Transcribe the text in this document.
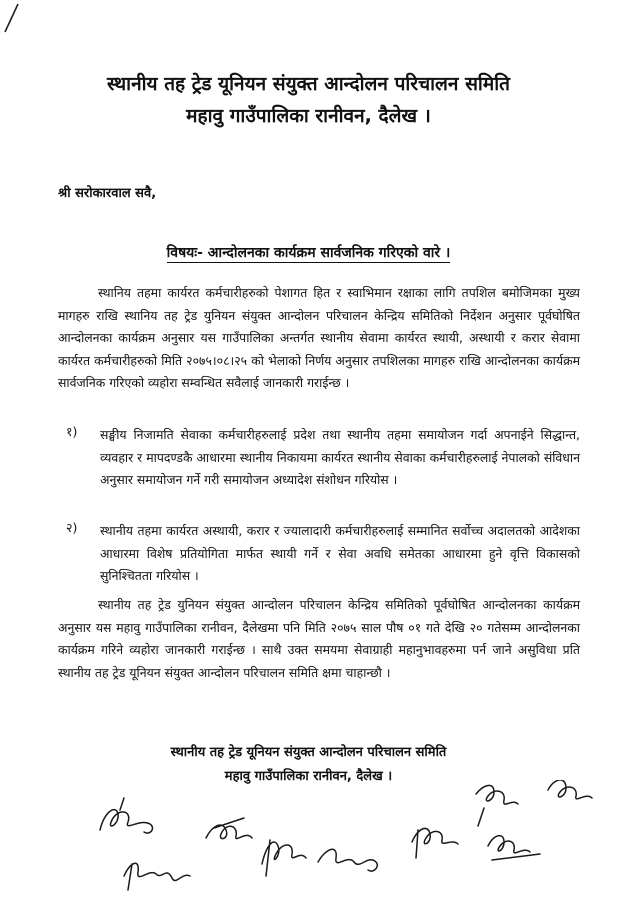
स्थानीय तह ट्रेड यूनियन संयुक्त आन्दोलन परिचालन समिति
महावु गाउँपालिका रानीवन, दैलेख ।
श्री सरोकारवाल सवै,
विषयः- आन्दोलनका कार्यक्रम सार्वजनिक गरिएको वारे ।
स्थानिय तहमा कार्यरत कर्मचारीहरुको पेशागत हित र स्वाभिमान रक्षाका लागि तपशिल बमोजिमका मुख्य मागहरु राखि स्थानिय तह ट्रेड युनियन संयुक्त आन्दोलन परिचालन केन्द्रिय समितिको निर्देशन अनुसार पूर्वघोषित आन्दोलनका कार्यक्रम अनुसार यस गाउँपालिका अन्तर्गत स्थानीय सेवामा कार्यरत स्थायी, अस्थायी र करार सेवामा कार्यरत कर्मचारीहरुको मिति २०७५।०८।२५ को भेलाको निर्णय अनुसार तपशिलका मागहरु राखि आन्दोलनका कार्यक्रम सार्वजनिक गरिएको व्यहोरा सम्वन्धित सवैलाई जानकारी गराईन्छ ।
१) सङ्घीय निजामति सेवाका कर्मचारीहरुलाई प्रदेश तथा स्थानीय तहमा समायोजन गर्दा अपनाईने सिद्धान्त, व्यवहार र मापदण्डकै आधारमा स्थानीय निकायमा कार्यरत स्थानीय सेवाका कर्मचारीहरुलाई नेपालको संविधान अनुसार समायोजन गर्ने गरी समायोजन अध्यादेश संशोधन गरियोस ।
२) स्थानीय तहमा कार्यरत अस्थायी, करार र ज्यालादारी कर्मचारीहरुलाई सम्मानित सर्वोच्च अदालतको आदेशका आधारमा विशेष प्रतियोगिता मार्फत स्थायी गर्ने र सेवा अवधि समेतका आधारमा हुने वृत्ति विकासको सुनिश्चितता गरियोस ।
स्थानीय तह ट्रेड युनियन संयुक्त आन्दोलन परिचालन केन्द्रिय समितिको पूर्वघोषित आन्दोलनका कार्यक्रम अनुसार यस महावु गाउँपालिका रानीवन, दैलेखमा पनि मिति २०७५ साल पौष ०१ गते देखि २० गतेसम्म आन्दोलनका कार्यक्रम गरिने व्यहोरा जानकारी गराईन्छ । साथै उक्त समयमा सेवाग्राही महानुभावहरुमा पर्न जाने असुविधा प्रति स्थानीय तह ट्रेड यूनियन संयुक्त आन्दोलन परिचालन समिति क्षमा चाहान्छौ ।
स्थानीय तह ट्रेड यूनियन संयुक्त आन्दोलन परिचालन समिति
महावु गाउँपालिका रानीवन, दैलेख ।
